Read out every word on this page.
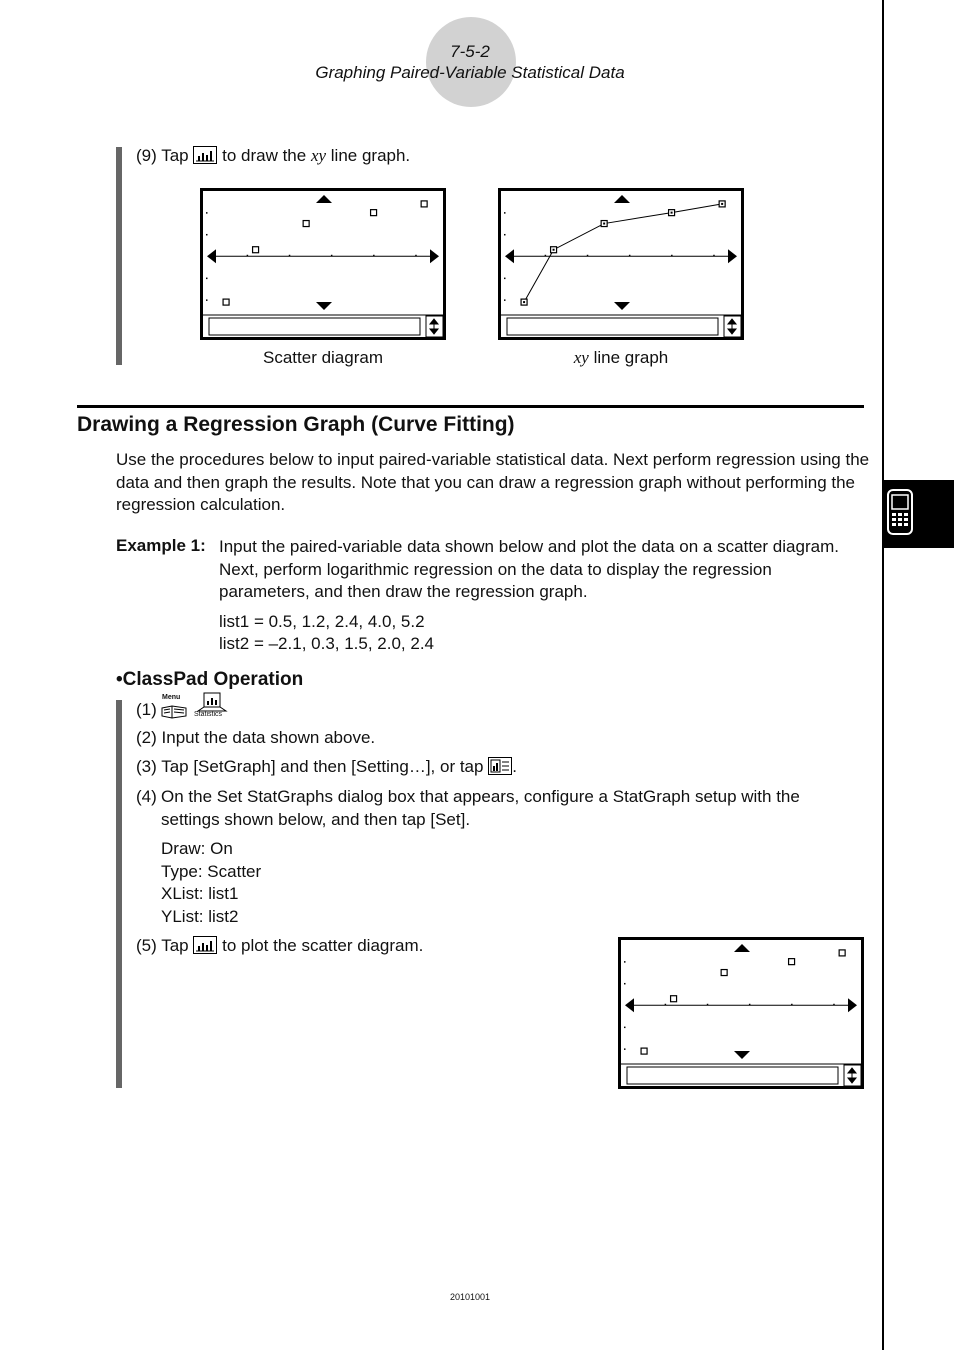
7-5-2
Graphing Paired-Variable Statistical Data
(9) Tap to draw the xy line graph.
Scatter diagram	xy line graph
Drawing a Regression Graph (Curve Fitting)
Use the procedures below to input paired-variable statistical data. Next perform regression using the data and then graph the results. Note that you can draw a regression graph without performing the regression calculation.
Example 1: Input the paired-variable data shown below and plot the data on a scatter diagram. Next, perform logarithmic regression on the data to display the regression parameters, and then draw the regression graph.
list1 = 0.5, 1.2, 2.4, 4.0, 5.2
list2 = –2.1, 0.3, 1.5, 2.0, 2.4
•ClassPad Operation
(1)
Menu
Statistics
(2) Input the data shown above.
(3) Tap [SetGraph] and then [Setting…], or tap .
(4) On the Set StatGraphs dialog box that appears, configure a StatGraph setup with the settings shown below, and then tap [Set].
Draw: On
Type: Scatter
XList: list1
YList: list2
(5) Tap to plot the scatter diagram.
20101001
